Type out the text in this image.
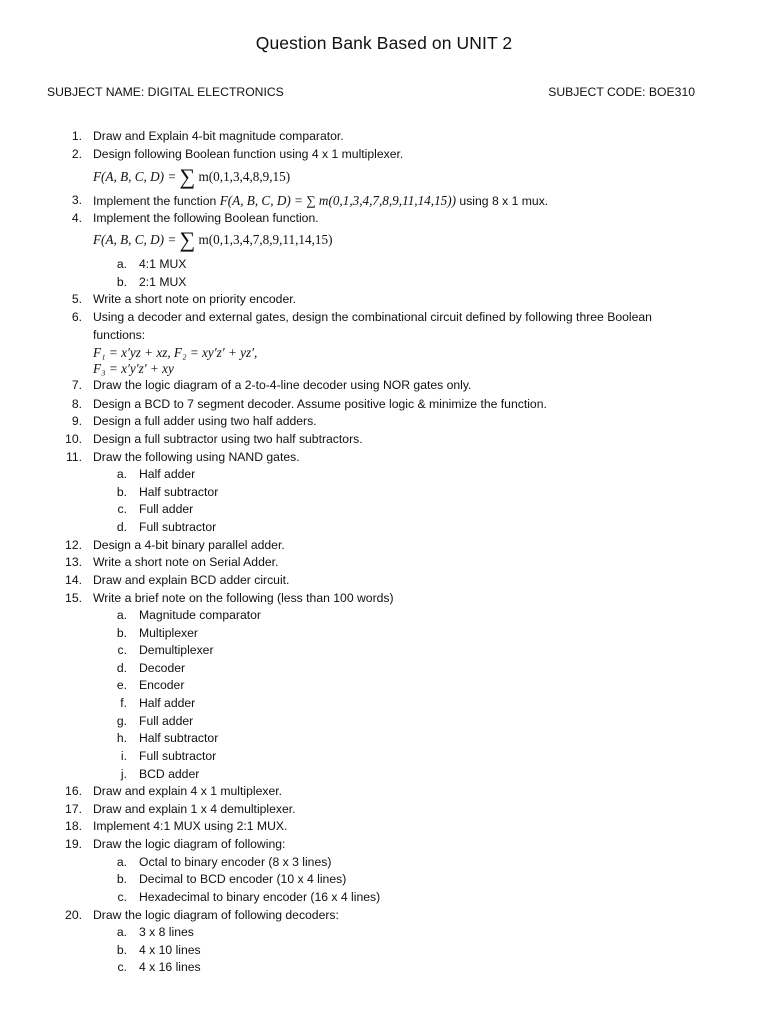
Question Bank Based on UNIT 2
SUBJECT NAME: DIGITAL ELECTRONICS	SUBJECT CODE: BOE310
1. Draw and Explain 4-bit magnitude comparator.
2. Design following Boolean function using 4 x 1 multiplexer.
F(A, B, C, D) = ∑ m(0,1,3,4,8,9,15)
3. Implement the function F(A, B, C, D) = ∑ m(0,1,3,4,7,8,9,11,14,15)) using 8 x 1 mux.
4. Implement the following Boolean function.
F(A, B, C, D) = ∑ m(0,1,3,4,7,8,9,11,14,15)
a. 4:1 MUX
b. 2:1 MUX
5. Write a short note on priority encoder.
6. Using a decoder and external gates, design the combinational circuit defined by following three Boolean functions:
F₁ = x′yz + xz, F₂ = xy′z′ + yz′,
F₃ = x′y′z′ + xy
7. Draw the logic diagram of a 2-to-4-line decoder using NOR gates only.
8. Design a BCD to 7 segment decoder. Assume positive logic & minimize the function.
9. Design a full adder using two half adders.
10. Design a full subtractor using two half subtractors.
11. Draw the following using NAND gates.
a. Half adder
b. Half subtractor
c. Full adder
d. Full subtractor
12. Design a 4-bit binary parallel adder.
13. Write a short note on Serial Adder.
14. Draw and explain BCD adder circuit.
15. Write a brief note on the following (less than 100 words)
a. Magnitude comparator
b. Multiplexer
c. Demultiplexer
d. Decoder
e. Encoder
f. Half adder
g. Full adder
h. Half subtractor
i. Full subtractor
j. BCD adder
16. Draw and explain 4 x 1 multiplexer.
17. Draw and explain 1 x 4 demultiplexer.
18. Implement 4:1 MUX using 2:1 MUX.
19. Draw the logic diagram of following:
a. Octal to binary encoder (8 x 3 lines)
b. Decimal to BCD encoder (10 x 4 lines)
c. Hexadecimal to binary encoder (16 x 4 lines)
20. Draw the logic diagram of following decoders:
a. 3 x 8 lines
b. 4 x 10 lines
c. 4 x 16 lines
